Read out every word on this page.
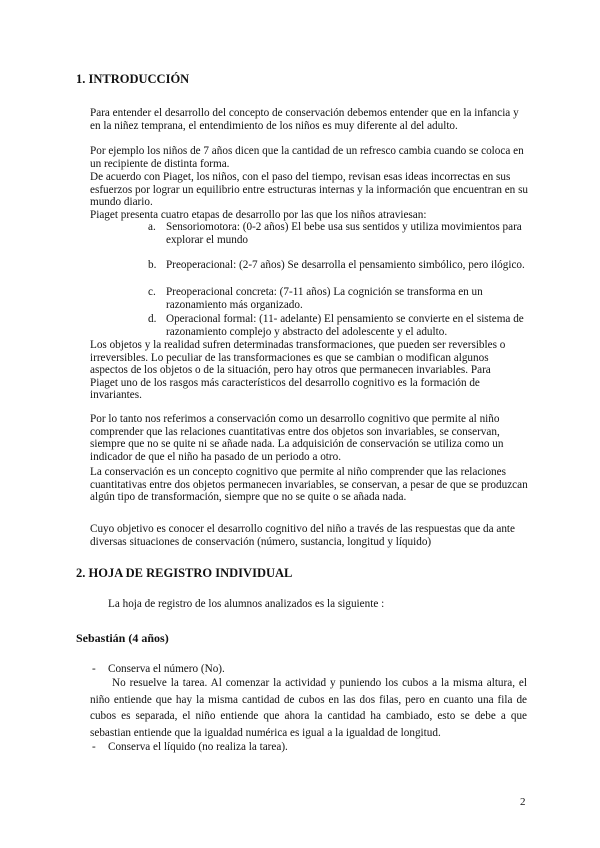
1. INTRODUCCIÓN
Para entender el desarrollo del concepto de conservación debemos entender que en la infancia y en la niñez temprana, el entendimiento de los niños es muy diferente al del adulto.
Por ejemplo los niños de 7 años dicen que la cantidad de un refresco cambia cuando se coloca en un recipiente de distinta forma.
De acuerdo con Piaget, los niños, con el paso del tiempo, revisan esas ideas incorrectas en sus esfuerzos por lograr un equilibrio entre estructuras internas y la información que encuentran en su mundo diario.
Piaget presenta cuatro etapas de desarrollo por las que los niños atraviesan:
a. Sensoriomotora: (0-2 años) El bebe usa sus sentidos y utiliza movimientos para explorar el mundo
b. Preoperacional: (2-7 años) Se desarrolla el pensamiento simbólico, pero ilógico.
c. Preoperacional concreta: (7-11 años) La cognición se transforma en un razonamiento más organizado.
d. Operacional formal: (11- adelante) El pensamiento se convierte en el sistema de razonamiento complejo y abstracto del adolescente y el adulto.
Los objetos y la realidad sufren determinadas transformaciones, que pueden ser reversibles o irreversibles. Lo peculiar de las transformaciones es que se cambian o modifican algunos aspectos de los objetos o de la situación, pero hay otros que permanecen invariables. Para Piaget uno de los rasgos más característicos del desarrollo cognitivo es la formación de invariantes.
Por lo tanto nos referimos a conservación como un desarrollo cognitivo que permite al niño comprender que las relaciones cuantitativas entre dos objetos son invariables, se conservan, siempre que no se quite ni se añade nada. La adquisición de conservación se utiliza como un indicador de que el niño ha pasado de un periodo a otro.
La conservación es un concepto cognitivo que permite al niño comprender que las relaciones cuantitativas entre dos objetos permanecen invariables, se conservan, a pesar de que se produzcan algún tipo de transformación, siempre que no se quite o se añada nada.
Cuyo objetivo es conocer el desarrollo cognitivo del niño a través de las respuestas que da ante diversas situaciones de conservación (número, sustancia, longitud y líquido)
2. HOJA DE REGISTRO INDIVIDUAL
La hoja de registro de los alumnos analizados es la siguiente :
Sebastián (4 años)
- Conserva el número (No).
No resuelve la tarea. Al comenzar la actividad y puniendo los cubos a la misma altura, el niño entiende que hay la misma cantidad de cubos en las dos filas, pero en cuanto una fila de cubos es separada, el niño entiende que ahora la cantidad ha cambiado, esto se debe a que sebastian entiende que la igualdad numérica es igual a la igualdad de longitud.
- Conserva el líquido (no realiza la tarea).
2
